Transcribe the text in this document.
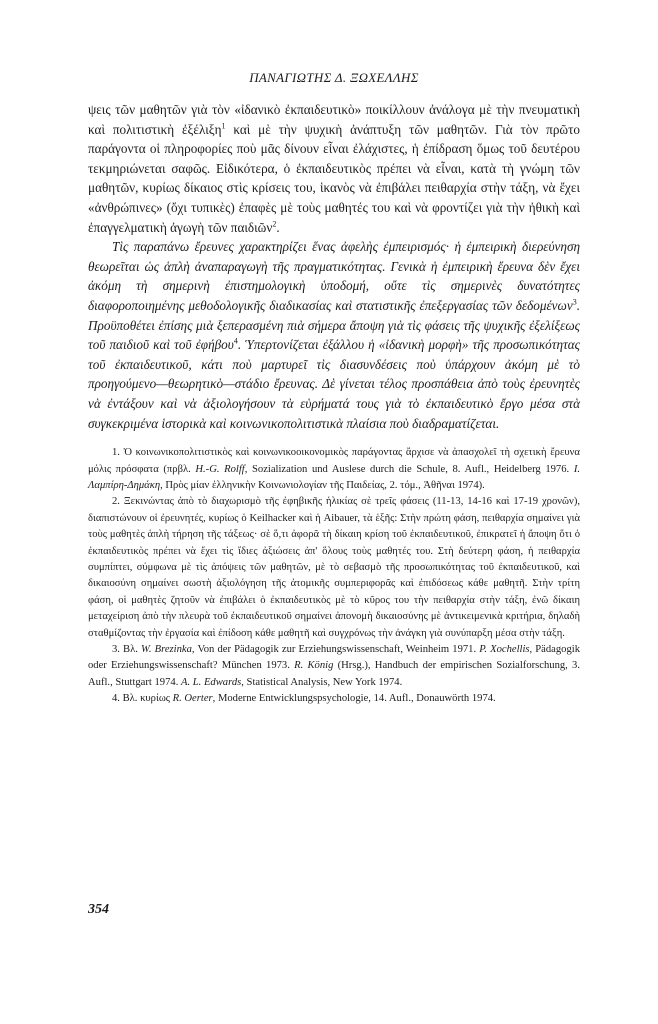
ΠΑΝΑΓΙΩΤΗΣ Δ. ΞΩΧΕΛΛΗΣ

ψεις τῶν μαθητῶν γιὰ τὸν «ἰδανικὸ ἐκπαιδευτικὸ» ποικίλλουν ἀνάλογα μὲ τὴν πνευματικὴ καὶ πολιτιστικὴ ἐξέλιξη$^1$ καὶ μὲ τὴν ψυχικὴ ἀνάπτυξη τῶν μαθητῶν. Γιὰ τὸν πρῶτο παράγοντα οἱ πληροφορίες ποὺ μᾶς δίνουν εἶναι ἐλάχιστες, ἡ ἐπίδραση ὅμως τοῦ δευτέρου τεκμηριώνεται σαφῶς. Εἰδικότερα, ὁ ἐκπαιδευτικὸς πρέπει νὰ εἶναι, κατὰ τὴ γνώμη τῶν μαθητῶν, κυρίως δίκαιος στὶς κρίσεις του, ἱκανὸς νὰ ἐπιβάλει πειθαρχία στὴν τάξη, νὰ ἔχει «ἀνθρώπινες» (ὄχι τυπικὲς) ἐπαφὲς μὲ τοὺς μαθητές του καὶ νὰ φροντίζει γιὰ τὴν ἠθικὴ καὶ ἐπαγγελματικὴ ἀγωγὴ τῶν παιδιῶν$^2$.

Τὶς παραπάνω ἔρευνες χαρακτηρίζει ἕνας ἀφελὴς ἐμπειρισμός· ἡ ἐμπειρικὴ διερεύνηση θεωρεῖται ὡς ἁπλὴ ἀναπαραγωγὴ τῆς πραγματικότητας. Γενικὰ ἡ ἐμπειρικὴ ἔρευνα δὲν ἔχει ἀκόμη τὴ σημερινὴ ἐπιστημολογικὴ ὑποδομή, οὔτε τὶς σημερινὲς δυνατότητες διαφοροποιημένης μεθοδολογικῆς διαδικασίας καὶ στατιστικῆς ἐπεξεργασίας τῶν δεδομένων$^3$. Προϋποθέτει ἐπίσης μιὰ ξεπερασμένη πιὰ σήμερα ἄποψη γιὰ τὶς φάσεις τῆς ψυχικῆς ἐξελίξεως τοῦ παιδιοῦ καὶ τοῦ ἐφήβου$^4$. Ὑπερτονίζεται ἐξάλλου ἡ «ἰδανικὴ μορφὴ» τῆς προσωπικότητας τοῦ ἐκπαιδευτικοῦ, κάτι ποὺ μαρτυρεῖ τὶς διασυνδέσεις ποὺ ὑπάρχουν ἀκόμη μὲ τὸ προηγούμενο—θεωρητικὸ—στάδιο ἔρευνας. Δὲ γίνεται τέλος προσπάθεια ἀπὸ τοὺς ἐρευνητὲς νὰ ἐντάξουν καὶ νὰ ἀξιολογήσουν τὰ εὑρήματά τους γιὰ τὸ ἐκπαιδευτικὸ ἔργο μέσα στὰ συγκεκριμένα ἱστορικὰ καὶ κοινωνικοπολιτιστικὰ πλαίσια ποὺ διαδραματίζεται.

1. Ὁ κοινωνικοπολιτιστικὸς καὶ κοινωνικοοικονομικὸς παράγοντας ἄρχισε νὰ ἀπασχολεῖ τὴ σχετικὴ ἔρευνα μόλις πρόσφατα (πρβλ. H.-G. Rolff, Sozialization und Auslese durch die Schule, 8. Aufl., Heidelberg 1976. I. Λαμπίρη-Δημάκη, Πρὸς μίαν ἑλληνικὴν Κοινωνιολογίαν τῆς Παιδείας, 2. τόμ., Ἀθῆναι 1974).

2. Ξεκινώντας ἀπὸ τὸ διαχωρισμὸ τῆς ἐφηβικῆς ἡλικίας σὲ τρεῖς φάσεις (11-13, 14-16 καὶ 17-19 χρονῶν), διαπιστώνουν οἱ ἐρευνητές, κυρίως ὁ Keilhacker καὶ ἡ Aibauer, τὰ ἑξῆς: Στὴν πρώτη φάση, πειθαρχία σημαίνει γιὰ τοὺς μαθητὲς ἁπλὴ τήρηση τῆς τάξεως· σὲ ὅ,τι ἀφορᾶ τὴ δίκαιη κρίση τοῦ ἐκπαιδευτικοῦ, ἐπικρατεῖ ἡ ἄποψη ὅτι ὁ ἐκπαιδευτικὸς πρέπει νὰ ἔχει τὶς ἴδιες ἀξιώσεις ἀπ' ὅλους τοὺς μαθητές του. Στὴ δεύτερη φάση, ἡ πειθαρχία συμπίπτει, σύμφωνα μὲ τὶς ἀπόψεις τῶν μαθητῶν, μὲ τὸ σεβασμὸ τῆς προσωπικότητας τοῦ ἐκπαιδευτικοῦ, καὶ δικαιοσύνη σημαίνει σωστὴ ἀξιολόγηση τῆς ἀτομικῆς συμπεριφορᾶς καὶ ἐπιδόσεως κάθε μαθητῆ. Στὴν τρίτη φάση, οἱ μαθητὲς ζητοῦν νὰ ἐπιβάλει ὁ ἐκπαιδευτικὸς μὲ τὸ κῦρος του τὴν πειθαρχία στὴν τάξη, ἐνῶ δίκαιη μεταχείριση ἀπὸ τὴν πλευρὰ τοῦ ἐκπαιδευτικοῦ σημαίνει ἀπονομὴ δικαιοσύνης μὲ ἀντικειμενικὰ κριτήρια, δηλαδὴ σταθμίζοντας τὴν ἐργασία καὶ ἐπίδοση κάθε μαθητῆ καὶ συγχρόνως τὴν ἀνάγκη γιὰ συνύπαρξη μέσα στὴν τάξη.

3. Βλ. W. Brezinka, Von der Pädagogik zur Erziehungswissenschaft, Weinheim 1971. P. Xochellis, Pädagogik oder Erziehungswissenschaft? München 1973. R. König (Hrsg.), Handbuch der empirischen Sozialforschung, 3. Aufl., Stuttgart 1974. A. L. Edwards, Statistical Analysis, New York 1974.

4. Βλ. κυρίως R. Oerter, Moderne Entwicklungspsychologie, 14. Aufl., Donauwörth 1974.

354
